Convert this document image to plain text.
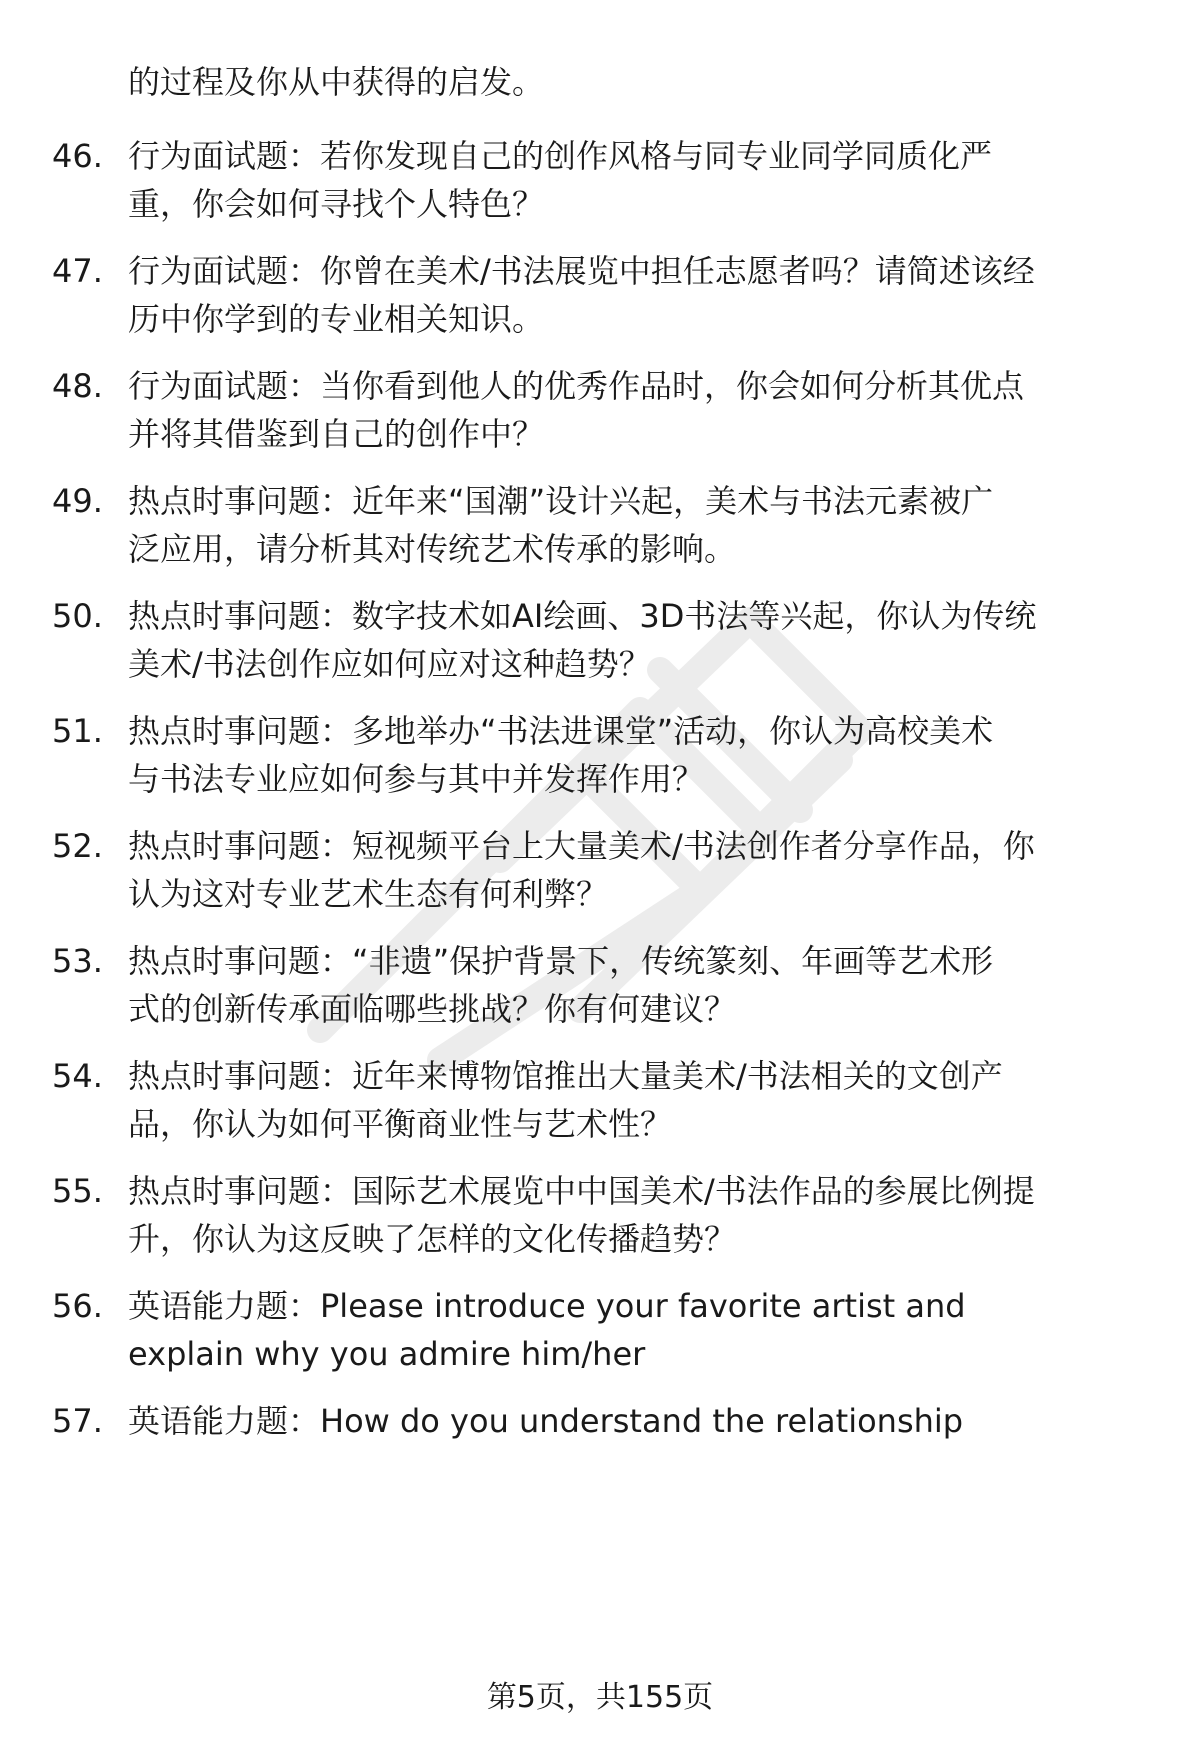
的过程及你从中获得的启发。
46. 行为面试题：若你发现自己的创作风格与同专业同学同质化严
重，你会如何寻找个人特色？
47. 行为面试题：你曾在美术/书法展览中担任志愿者吗？请简述该经
历中你学到的专业相关知识。
48. 行为面试题：当你看到他人的优秀作品时，你会如何分析其优点
并将其借鉴到自己的创作中？
49. 热点时事问题：近年来“国潮”设计兴起，美术与书法元素被广
泛应用，请分析其对传统艺术传承的影响。
50. 热点时事问题：数字技术如AI绘画、3D书法等兴起，你认为传统
美术/书法创作应如何应对这种趋势？
51. 热点时事问题：多地举办“书法进课堂”活动，你认为高校美术
与书法专业应如何参与其中并发挥作用？
52. 热点时事问题：短视频平台上大量美术/书法创作者分享作品，你
认为这对专业艺术生态有何利弊？
53. 热点时事问题：“非遗”保护背景下，传统篆刻、年画等艺术形
式的创新传承面临哪些挑战？你有何建议？
54. 热点时事问题：近年来博物馆推出大量美术/书法相关的文创产
品，你认为如何平衡商业性与艺术性？
55. 热点时事问题：国际艺术展览中中国美术/书法作品的参展比例提
升，你认为这反映了怎样的文化传播趋势？
56. 英语能力题：Please introduce your favorite artist and
explain why you admire him/her
57. 英语能力题：How do you understand the relationship
第5页，共155页
